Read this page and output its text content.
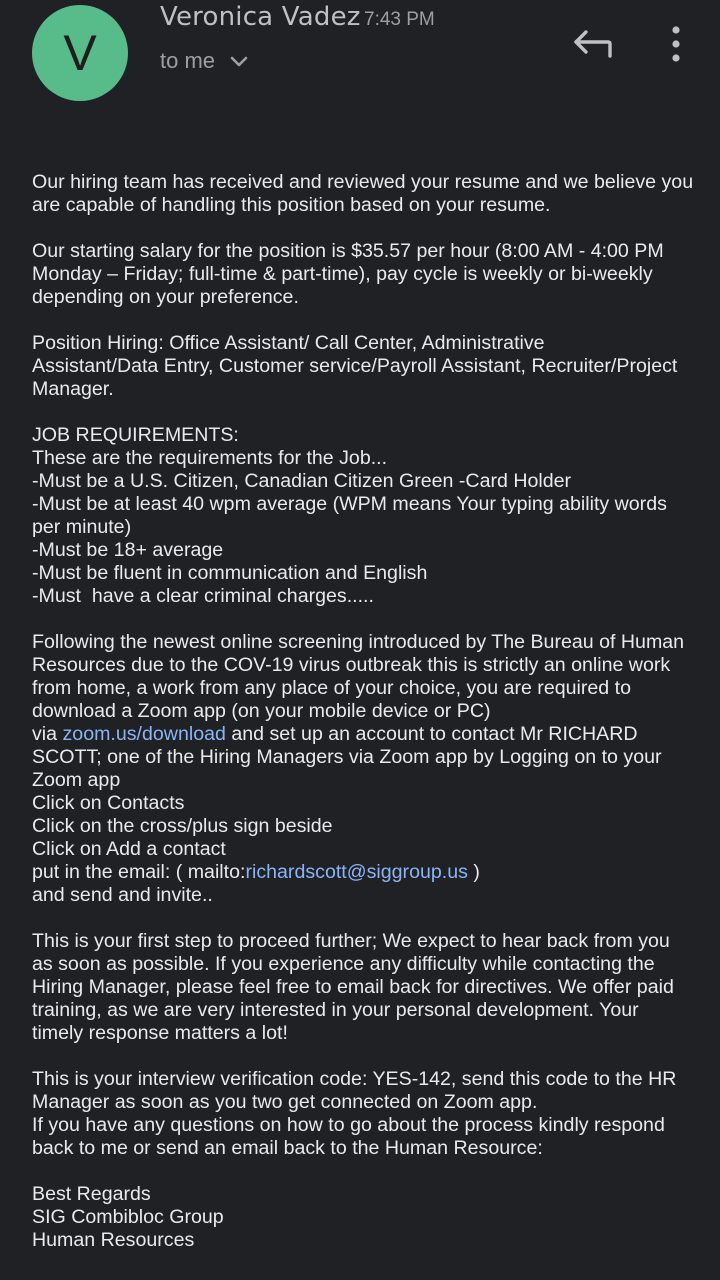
V
Veronica Vadez 7:43 PM
to me
Our hiring team has received and reviewed your resume and we believe you
are capable of handling this position based on your resume.
Our starting salary for the position is $35.57 per hour (8:00 AM - 4:00 PM
Monday – Friday; full-time & part-time), pay cycle is weekly or bi-weekly
depending on your preference.
Position Hiring: Office Assistant/ Call Center, Administrative
Assistant/Data Entry, Customer service/Payroll Assistant, Recruiter/Project
Manager.
JOB REQUIREMENTS:
These are the requirements for the Job...
-Must be a U.S. Citizen, Canadian Citizen Green -Card Holder
-Must be at least 40 wpm average (WPM means Your typing ability words
per minute)
-Must be 18+ average
-Must be fluent in communication and English
-Must  have a clear criminal charges.....
Following the newest online screening introduced by The Bureau of Human
Resources due to the COV-19 virus outbreak this is strictly an online work
from home, a work from any place of your choice, you are required to
download a Zoom app (on your mobile device or PC)
via zoom.us/download and set up an account to contact Mr RICHARD
SCOTT; one of the Hiring Managers via Zoom app by Logging on to your
Zoom app
Click on Contacts
Click on the cross/plus sign beside
Click on Add a contact
put in the email: ( mailto:richardscott@siggroup.us )
and send and invite..
This is your first step to proceed further; We expect to hear back from you
as soon as possible. If you experience any difficulty while contacting the
Hiring Manager, please feel free to email back for directives. We offer paid
training, as we are very interested in your personal development. Your
timely response matters a lot!
This is your interview verification code: YES-142, send this code to the HR
Manager as soon as you two get connected on Zoom app.
If you have any questions on how to go about the process kindly respond
back to me or send an email back to the Human Resource:
Best Regards
SIG Combibloc Group
Human Resources
